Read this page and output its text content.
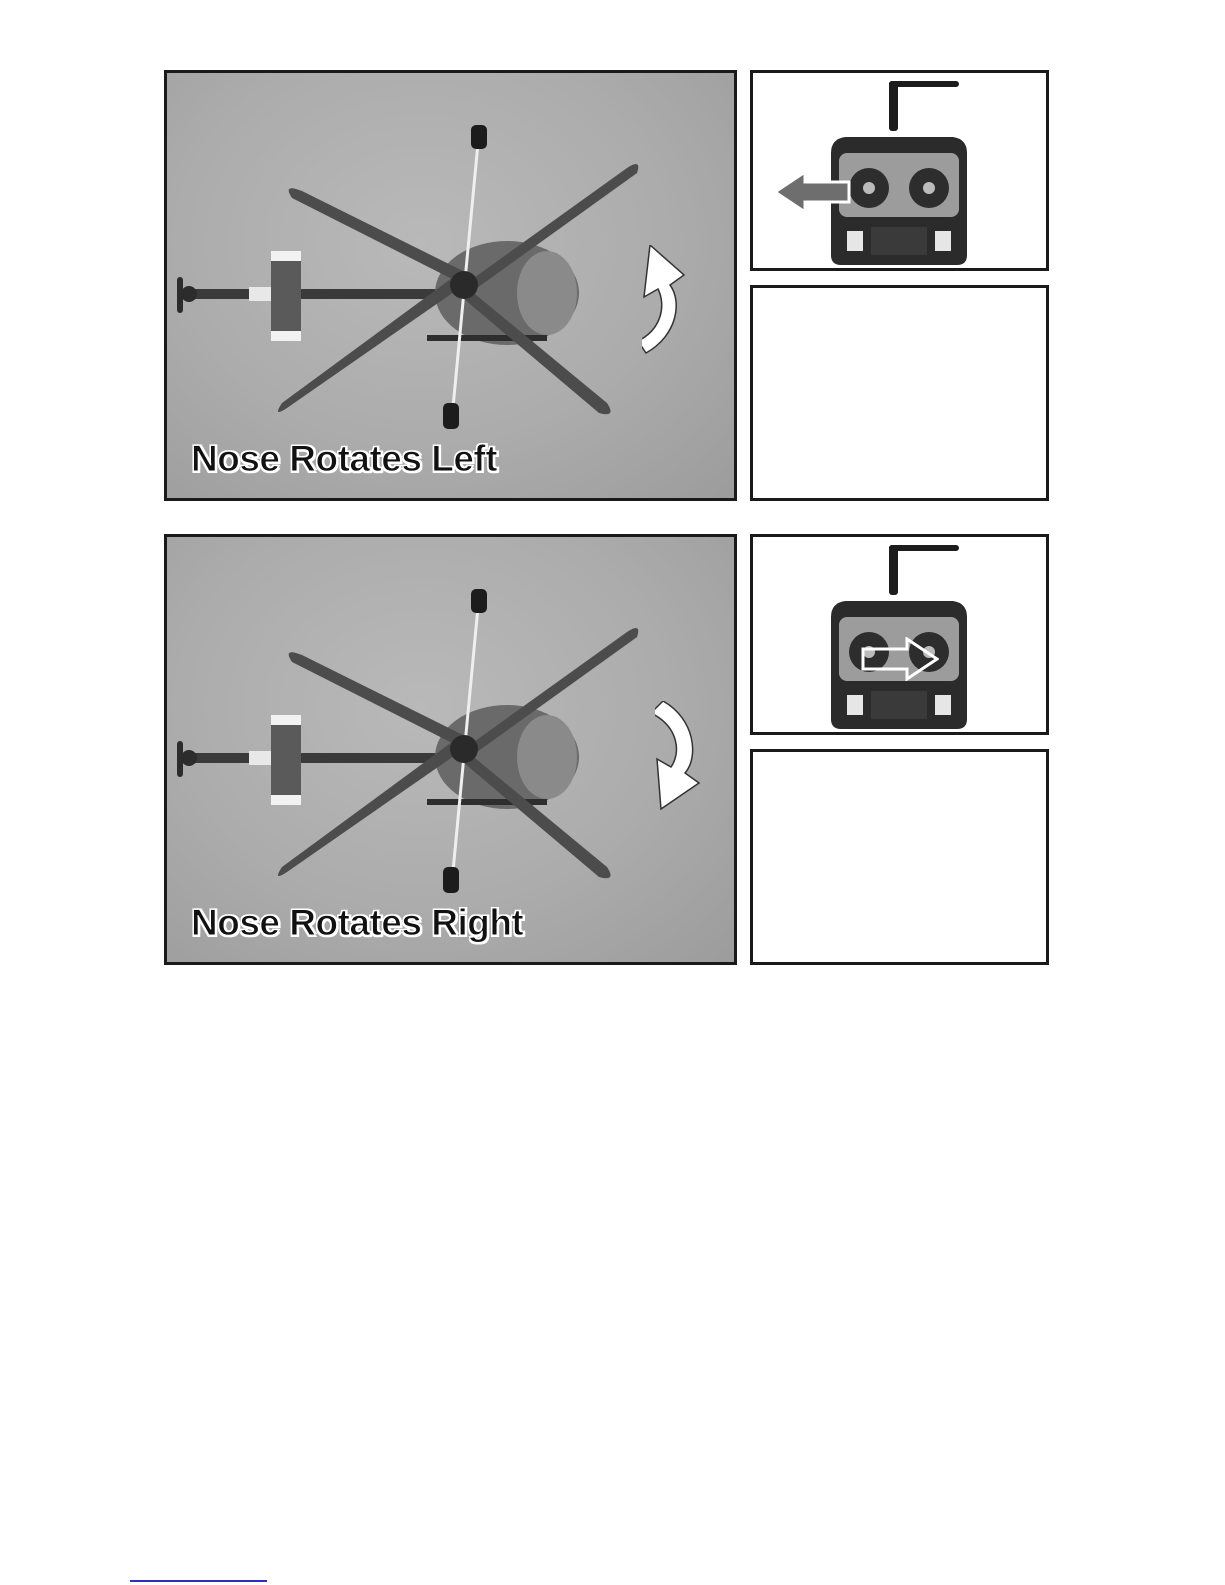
Nose Rotates Left
Nose Rotates Right
